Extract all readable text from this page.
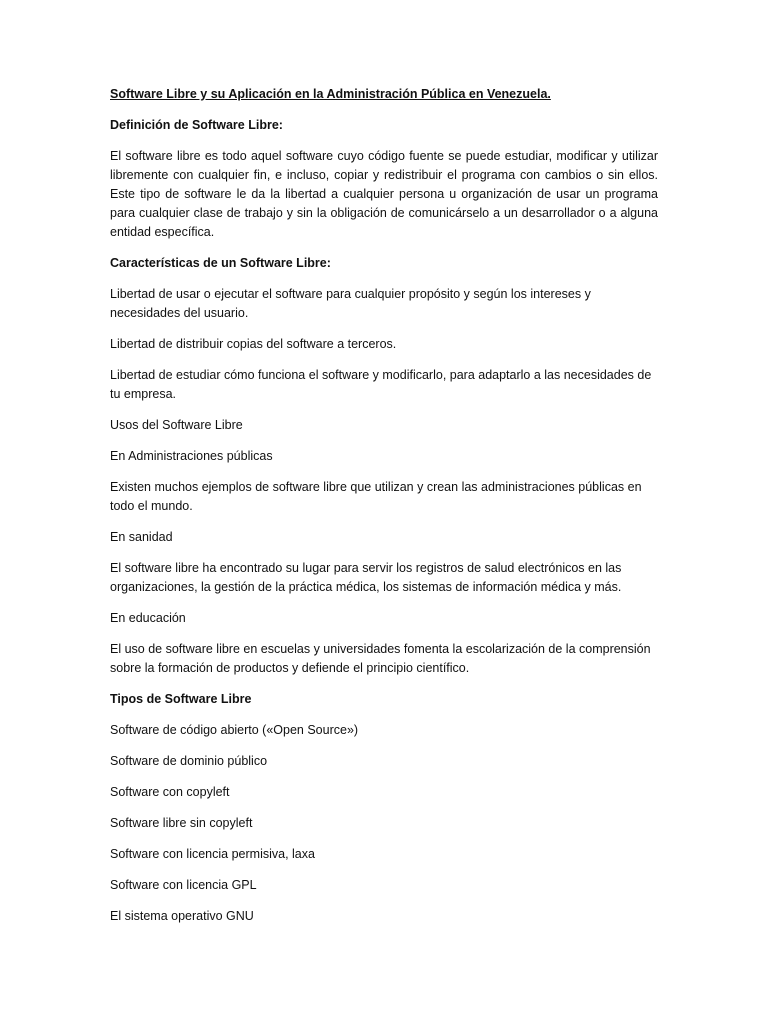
Software Libre y su Aplicación en la Administración Pública en Venezuela.

Definición de Software Libre:

El software libre es todo aquel software cuyo código fuente se puede estudiar, modificar y utilizar libremente con cualquier fin, e incluso, copiar y redistribuir el programa con cambios o sin ellos. Este tipo de software le da la libertad a cualquier persona u organización de usar un programa para cualquier clase de trabajo y sin la obligación de comunicárselo a un desarrollador o a alguna entidad específica.

Características de un Software Libre:

Libertad de usar o ejecutar el software para cualquier propósito y según los intereses y necesidades del usuario.

Libertad de distribuir copias del software a terceros.

Libertad de estudiar cómo funciona el software y modificarlo, para adaptarlo a las necesidades de tu empresa.

Usos del Software Libre

En Administraciones públicas

Existen muchos ejemplos de software libre que utilizan y crean las administraciones públicas en todo el mundo.

En sanidad

El software libre ha encontrado su lugar para servir los registros de salud electrónicos en las organizaciones, la gestión de la práctica médica, los sistemas de información médica y más.

En educación

El uso de software libre en escuelas y universidades fomenta la escolarización de la comprensión sobre la formación de productos y defiende el principio científico.

Tipos de Software Libre

Software de código abierto («Open Source»)

Software de dominio público

Software con copyleft

Software libre sin copyleft

Software con licencia permisiva, laxa

Software con licencia GPL

El sistema operativo GNU
